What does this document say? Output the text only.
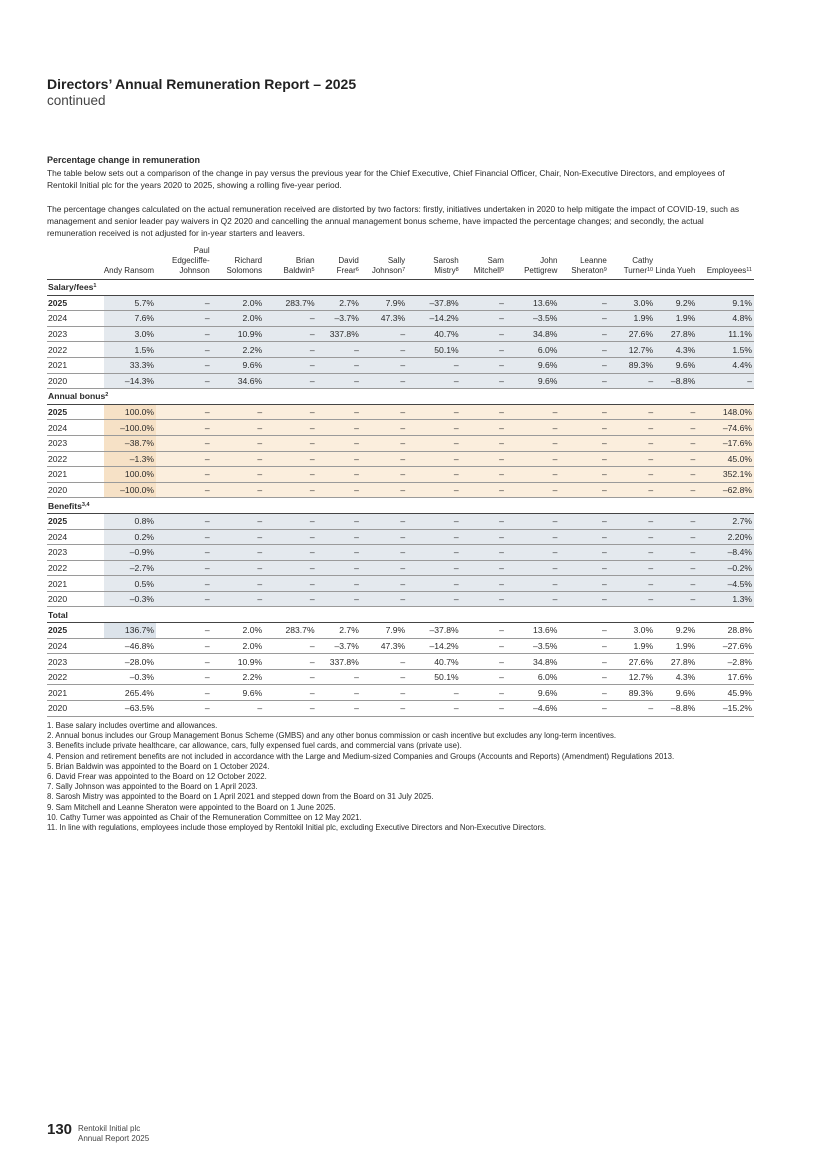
Directors’ Annual Remuneration Report – 2025
continued
Percentage change in remuneration
The table below sets out a comparison of the change in pay versus the previous year for the Chief Executive, Chief Financial Officer, Chair, Non-Executive Directors, and employees of Rentokil Initial plc for the years 2020 to 2025, showing a rolling five-year period.
The percentage changes calculated on the actual remuneration received are distorted by two factors: firstly, initiatives undertaken in 2020 to help mitigate the impact of COVID-19, such as management and senior leader pay waivers in Q2 2020 and cancelling the annual management bonus scheme, have impacted the percentage changes; and secondly, the actual remuneration received is not adjusted for in-year starters and leavers.
	Andy Ransom	Paul Edgecliffe-Johnson	Richard Solomons	Brian Baldwin$^5$	David Frear$^6$	Sally Johnson$^7$	Sarosh Mistry$^8$	Sam Mitchell$^9$	John Pettigrew	Leanne Sheraton$^9$	Cathy Turner$^{10}$	Linda Yueh	Employees$^{11}$
Salary/fees$^1$
2025	5.7%	–	2.0%	283.7%	2.7%	7.9%	–37.8%	–	13.6%	–	3.0%	9.2%	9.1%
2024	7.6%	–	2.0%	–	–3.7%	47.3%	–14.2%	–	–3.5%	–	1.9%	1.9%	4.8%
2023	3.0%	–	10.9%	–	337.8%	–	40.7%	–	34.8%	–	27.6%	27.8%	11.1%
2022	1.5%	–	2.2%	–	–	–	50.1%	–	6.0%	–	12.7%	4.3%	1.5%
2021	33.3%	–	9.6%	–	–	–	–	–	9.6%	–	89.3%	9.6%	4.4%
2020	–14.3%	–	34.6%	–	–	–	–	–	9.6%	–	–	–8.8%	–
Annual bonus$^2$
2025	100.0%	–	–	–	–	–	–	–	–	–	–	–	148.0%
2024	–100.0%	–	–	–	–	–	–	–	–	–	–	–	–74.6%
2023	–38.7%	–	–	–	–	–	–	–	–	–	–	–	–17.6%
2022	–1.3%	–	–	–	–	–	–	–	–	–	–	–	45.0%
2021	100.0%	–	–	–	–	–	–	–	–	–	–	–	352.1%
2020	–100.0%	–	–	–	–	–	–	–	–	–	–	–	–62.8%
Benefits$^{3,4}$
2025	0.8%	–	–	–	–	–	–	–	–	–	–	–	2.7%
2024	0.2%	–	–	–	–	–	–	–	–	–	–	–	2.20%
2023	–0.9%	–	–	–	–	–	–	–	–	–	–	–	–8.4%
2022	–2.7%	–	–	–	–	–	–	–	–	–	–	–	–0.2%
2021	0.5%	–	–	–	–	–	–	–	–	–	–	–	–4.5%
2020	–0.3%	–	–	–	–	–	–	–	–	–	–	–	1.3%
Total													
2025	136.7%	–	2.0%	283.7%	2.7%	7.9%	–37.8%	–	13.6%	–	3.0%	9.2%	28.8%
2024	–46.8%	–	2.0%	–	–3.7%	47.3%	–14.2%	–	–3.5%	–	1.9%	1.9%	–27.6%
2023	–28.0%	–	10.9%	–	337.8%	–	40.7%	–	34.8%	–	27.6%	27.8%	–2.8%
2022	–0.3%	–	2.2%	–	–	–	50.1%	–	6.0%	–	12.7%	4.3%	17.6%
2021	265.4%	–	9.6%	–	–	–	–	–	9.6%	–	89.3%	9.6%	45.9%
2020	–63.5%	–	–	–	–	–	–	–	–4.6%	–	–	–8.8%	–15.2%
1. Base salary includes overtime and allowances.
2. Annual bonus includes our Group Management Bonus Scheme (GMBS) and any other bonus commission or cash incentive but excludes any long-term incentives.
3. Benefits include private healthcare, car allowance, cars, fully expensed fuel cards, and commercial vans (private use).
4. Pension and retirement benefits are not included in accordance with the Large and Medium-sized Companies and Groups (Accounts and Reports) (Amendment) Regulations 2013.
5. Brian Baldwin was appointed to the Board on 1 October 2024.
6. David Frear was appointed to the Board on 12 October 2022.
7. Sally Johnson was appointed to the Board on 1 April 2023.
8. Sarosh Mistry was appointed to the Board on 1 April 2021 and stepped down from the Board on 31 July 2025.
9. Sam Mitchell and Leanne Sheraton were appointed to the Board on 1 June 2025.
10. Cathy Turner was appointed as Chair of the Remuneration Committee on 12 May 2021.
11. In line with regulations, employees include those employed by Rentokil Initial plc, excluding Executive Directors and Non-Executive Directors.
130 Rentokil Initial plc
Annual Report 2025
